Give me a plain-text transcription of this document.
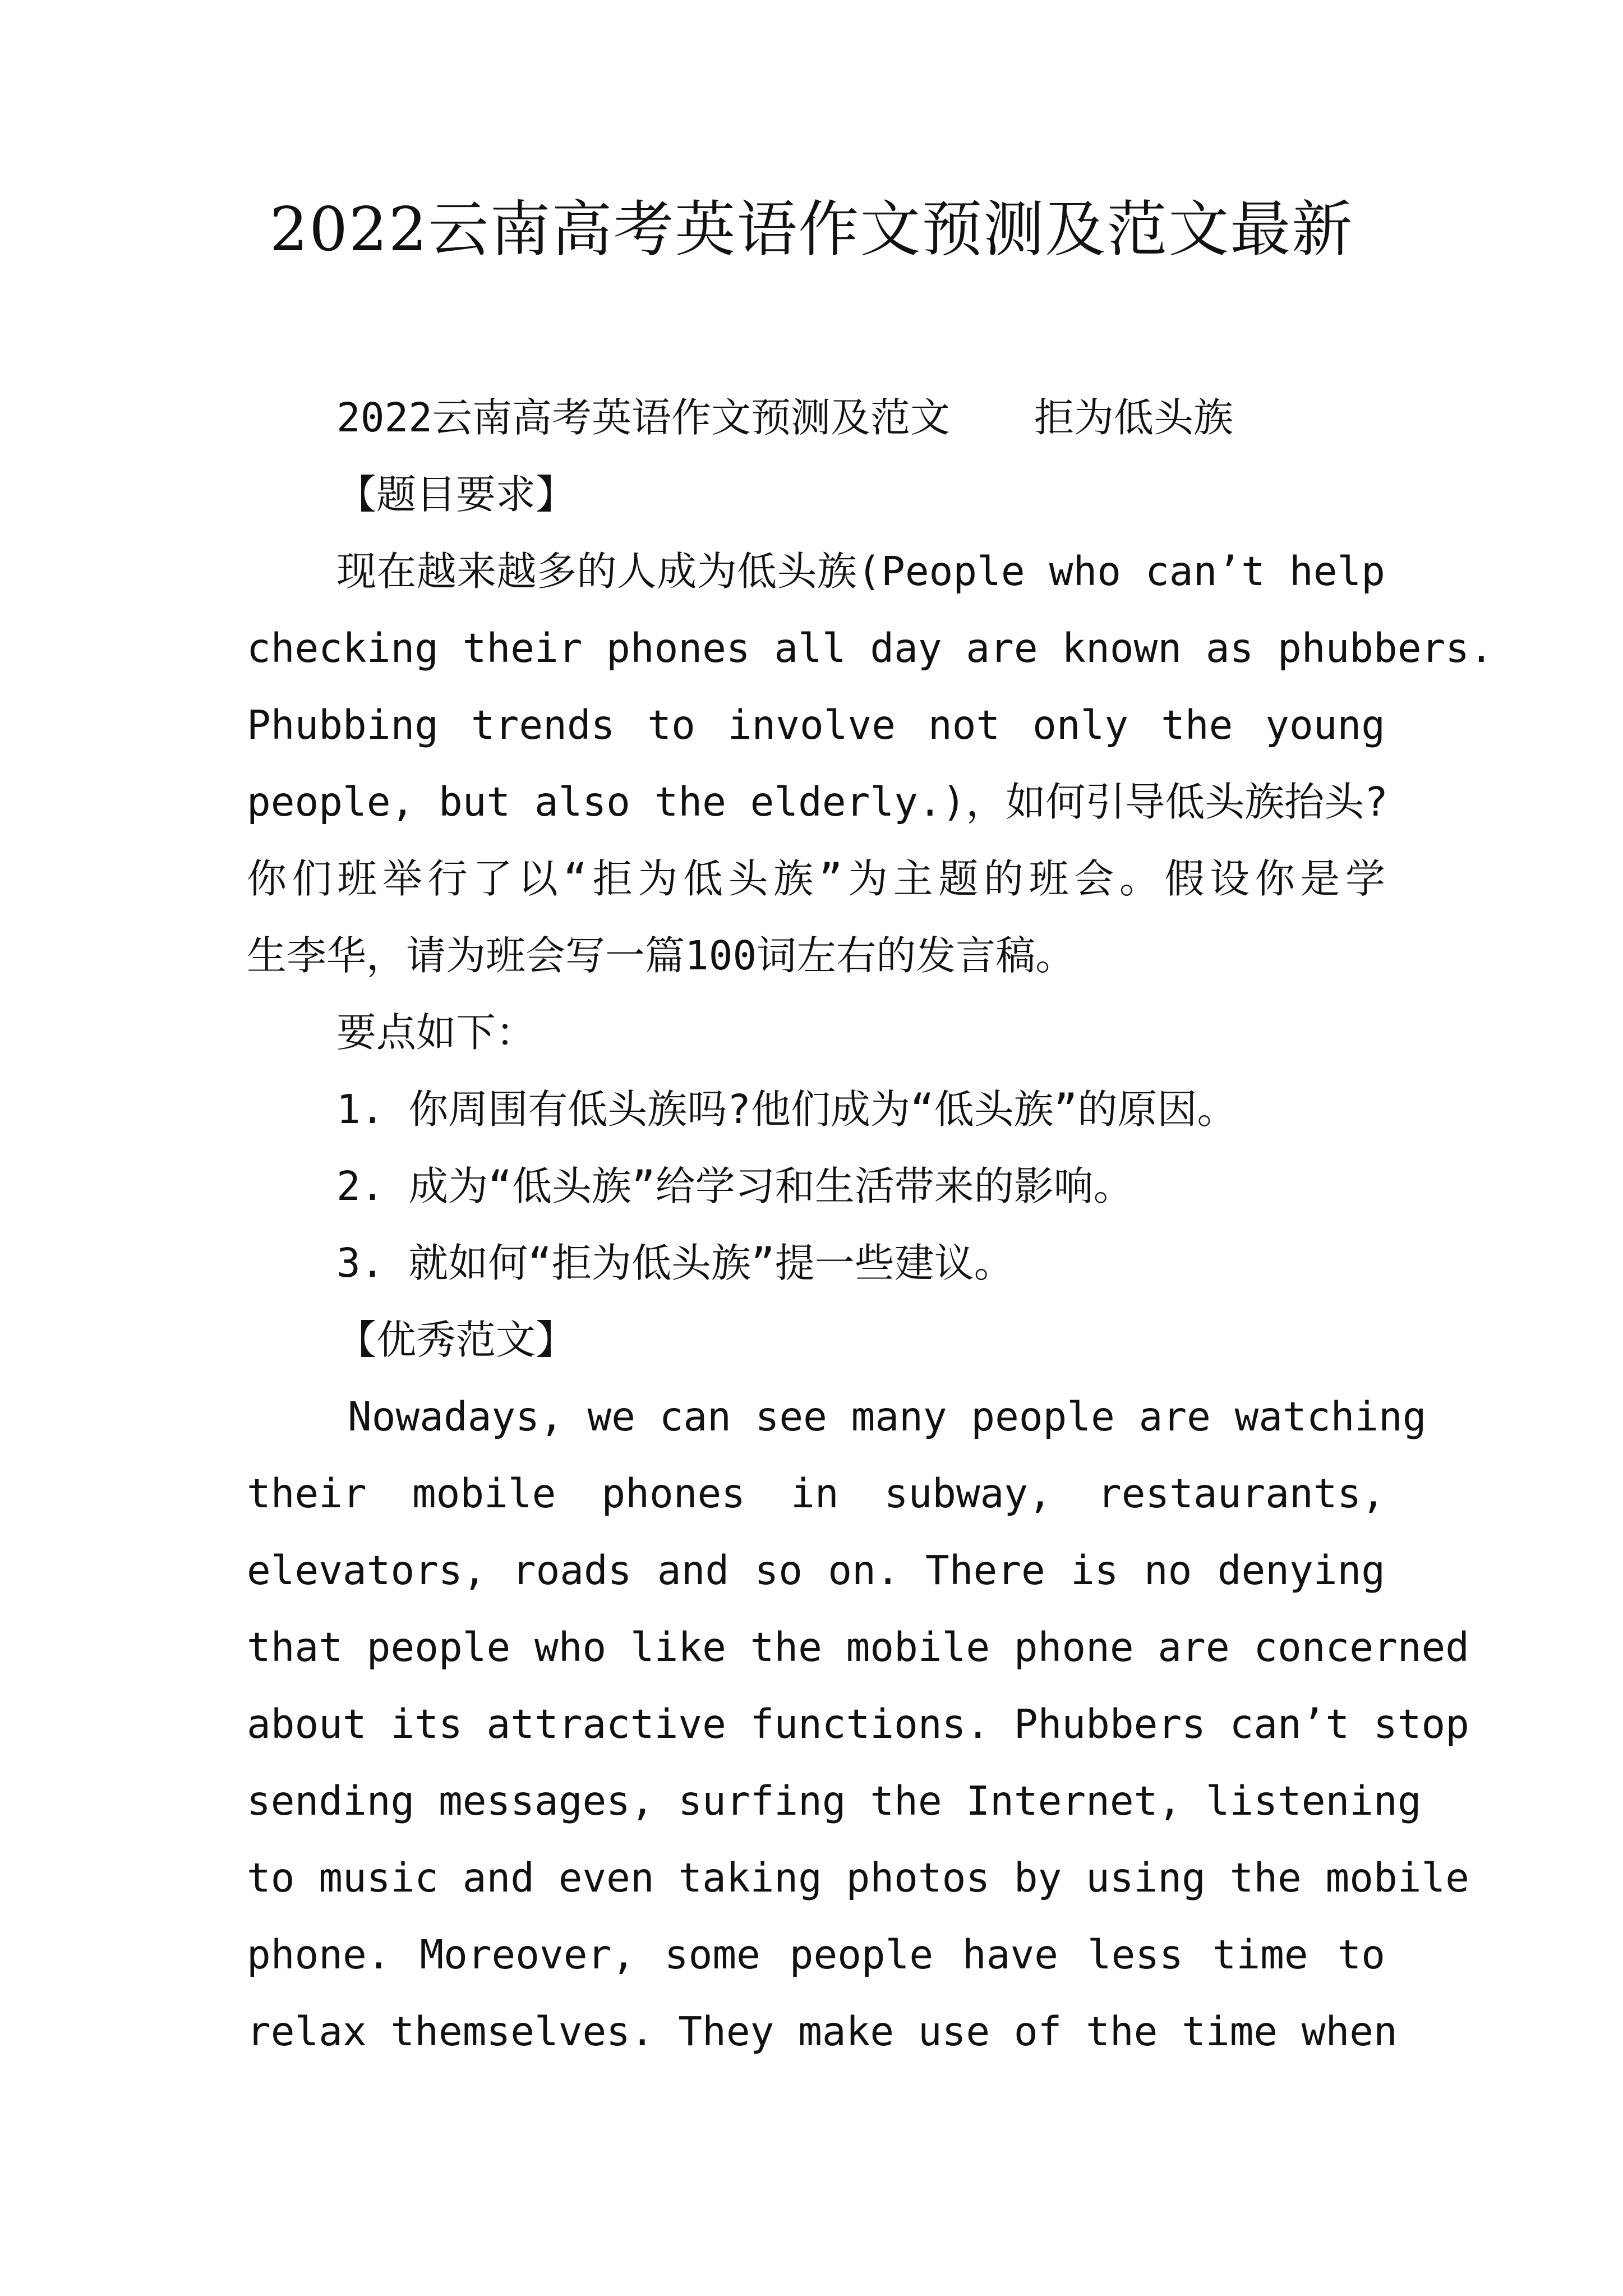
2022云南高考英语作文预测及范文最新
2022云南高考英语作文预测及范文 拒为低头族
【题目要求】
现在越来越多的人成为低头族(People who can’t help
checking their phones all day are known as phubbers.
Phubbing trends to involve not only the young
people, but also the elderly.)，如何引导低头族抬头?
你们班举行了以“拒为低头族”为主题的班会。假设你是学
生李华，请为班会写一篇100词左右的发言稿。
要点如下：
1. 你周围有低头族吗?他们成为“低头族”的原因。
2. 成为“低头族”给学习和生活带来的影响。
3. 就如何“拒为低头族”提一些建议。
【优秀范文】
Nowadays, we can see many people are watching
their mobile phones in subway, restaurants,
elevators, roads and so on. There is no denying
that people who like the mobile phone are concerned
about its attractive functions. Phubbers can’t stop
sending messages, surfing the Internet, listening
to music and even taking photos by using the mobile
phone. Moreover, some people have less time to
relax themselves. They make use of the time when
